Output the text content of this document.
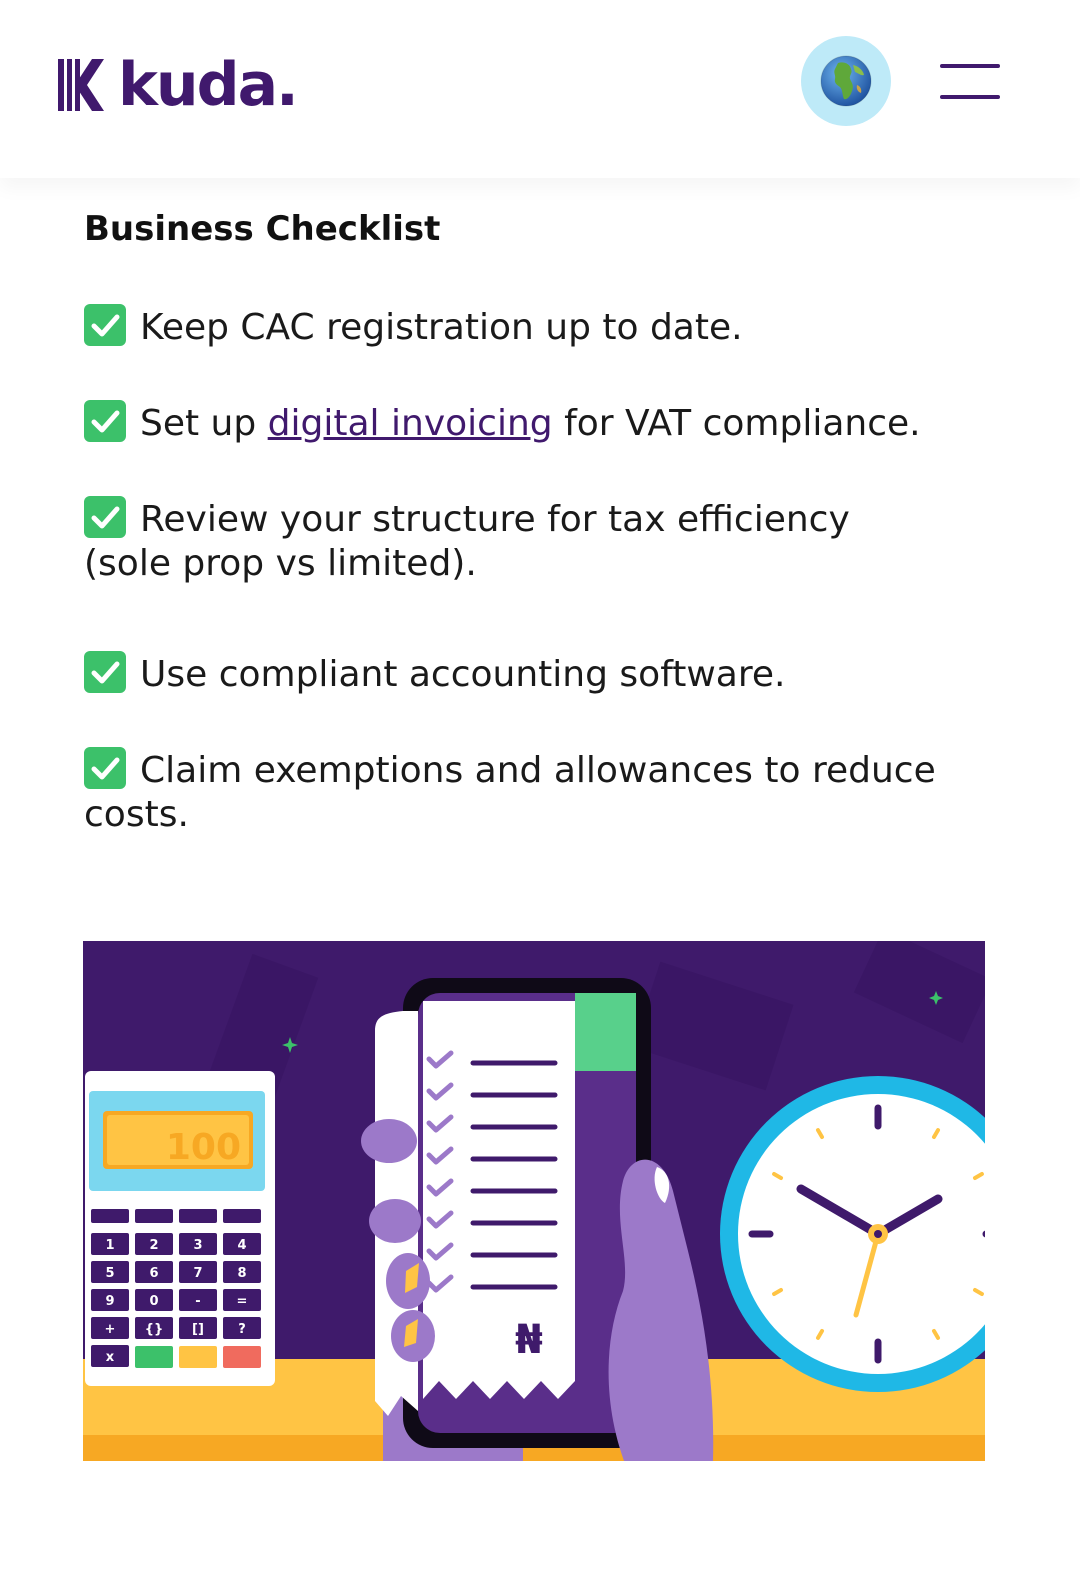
kuda.
Business Checklist
Keep CAC registration up to date.
Set up digital invoicing for VAT compliance.
Review your structure for tax efficiency (sole prop vs limited).
Use compliant accounting software.
Claim exemptions and allowances to reduce costs.
100
1	2	3	4
5	6	7	8
9	0	-	=
+ {} []	?
x	₦
